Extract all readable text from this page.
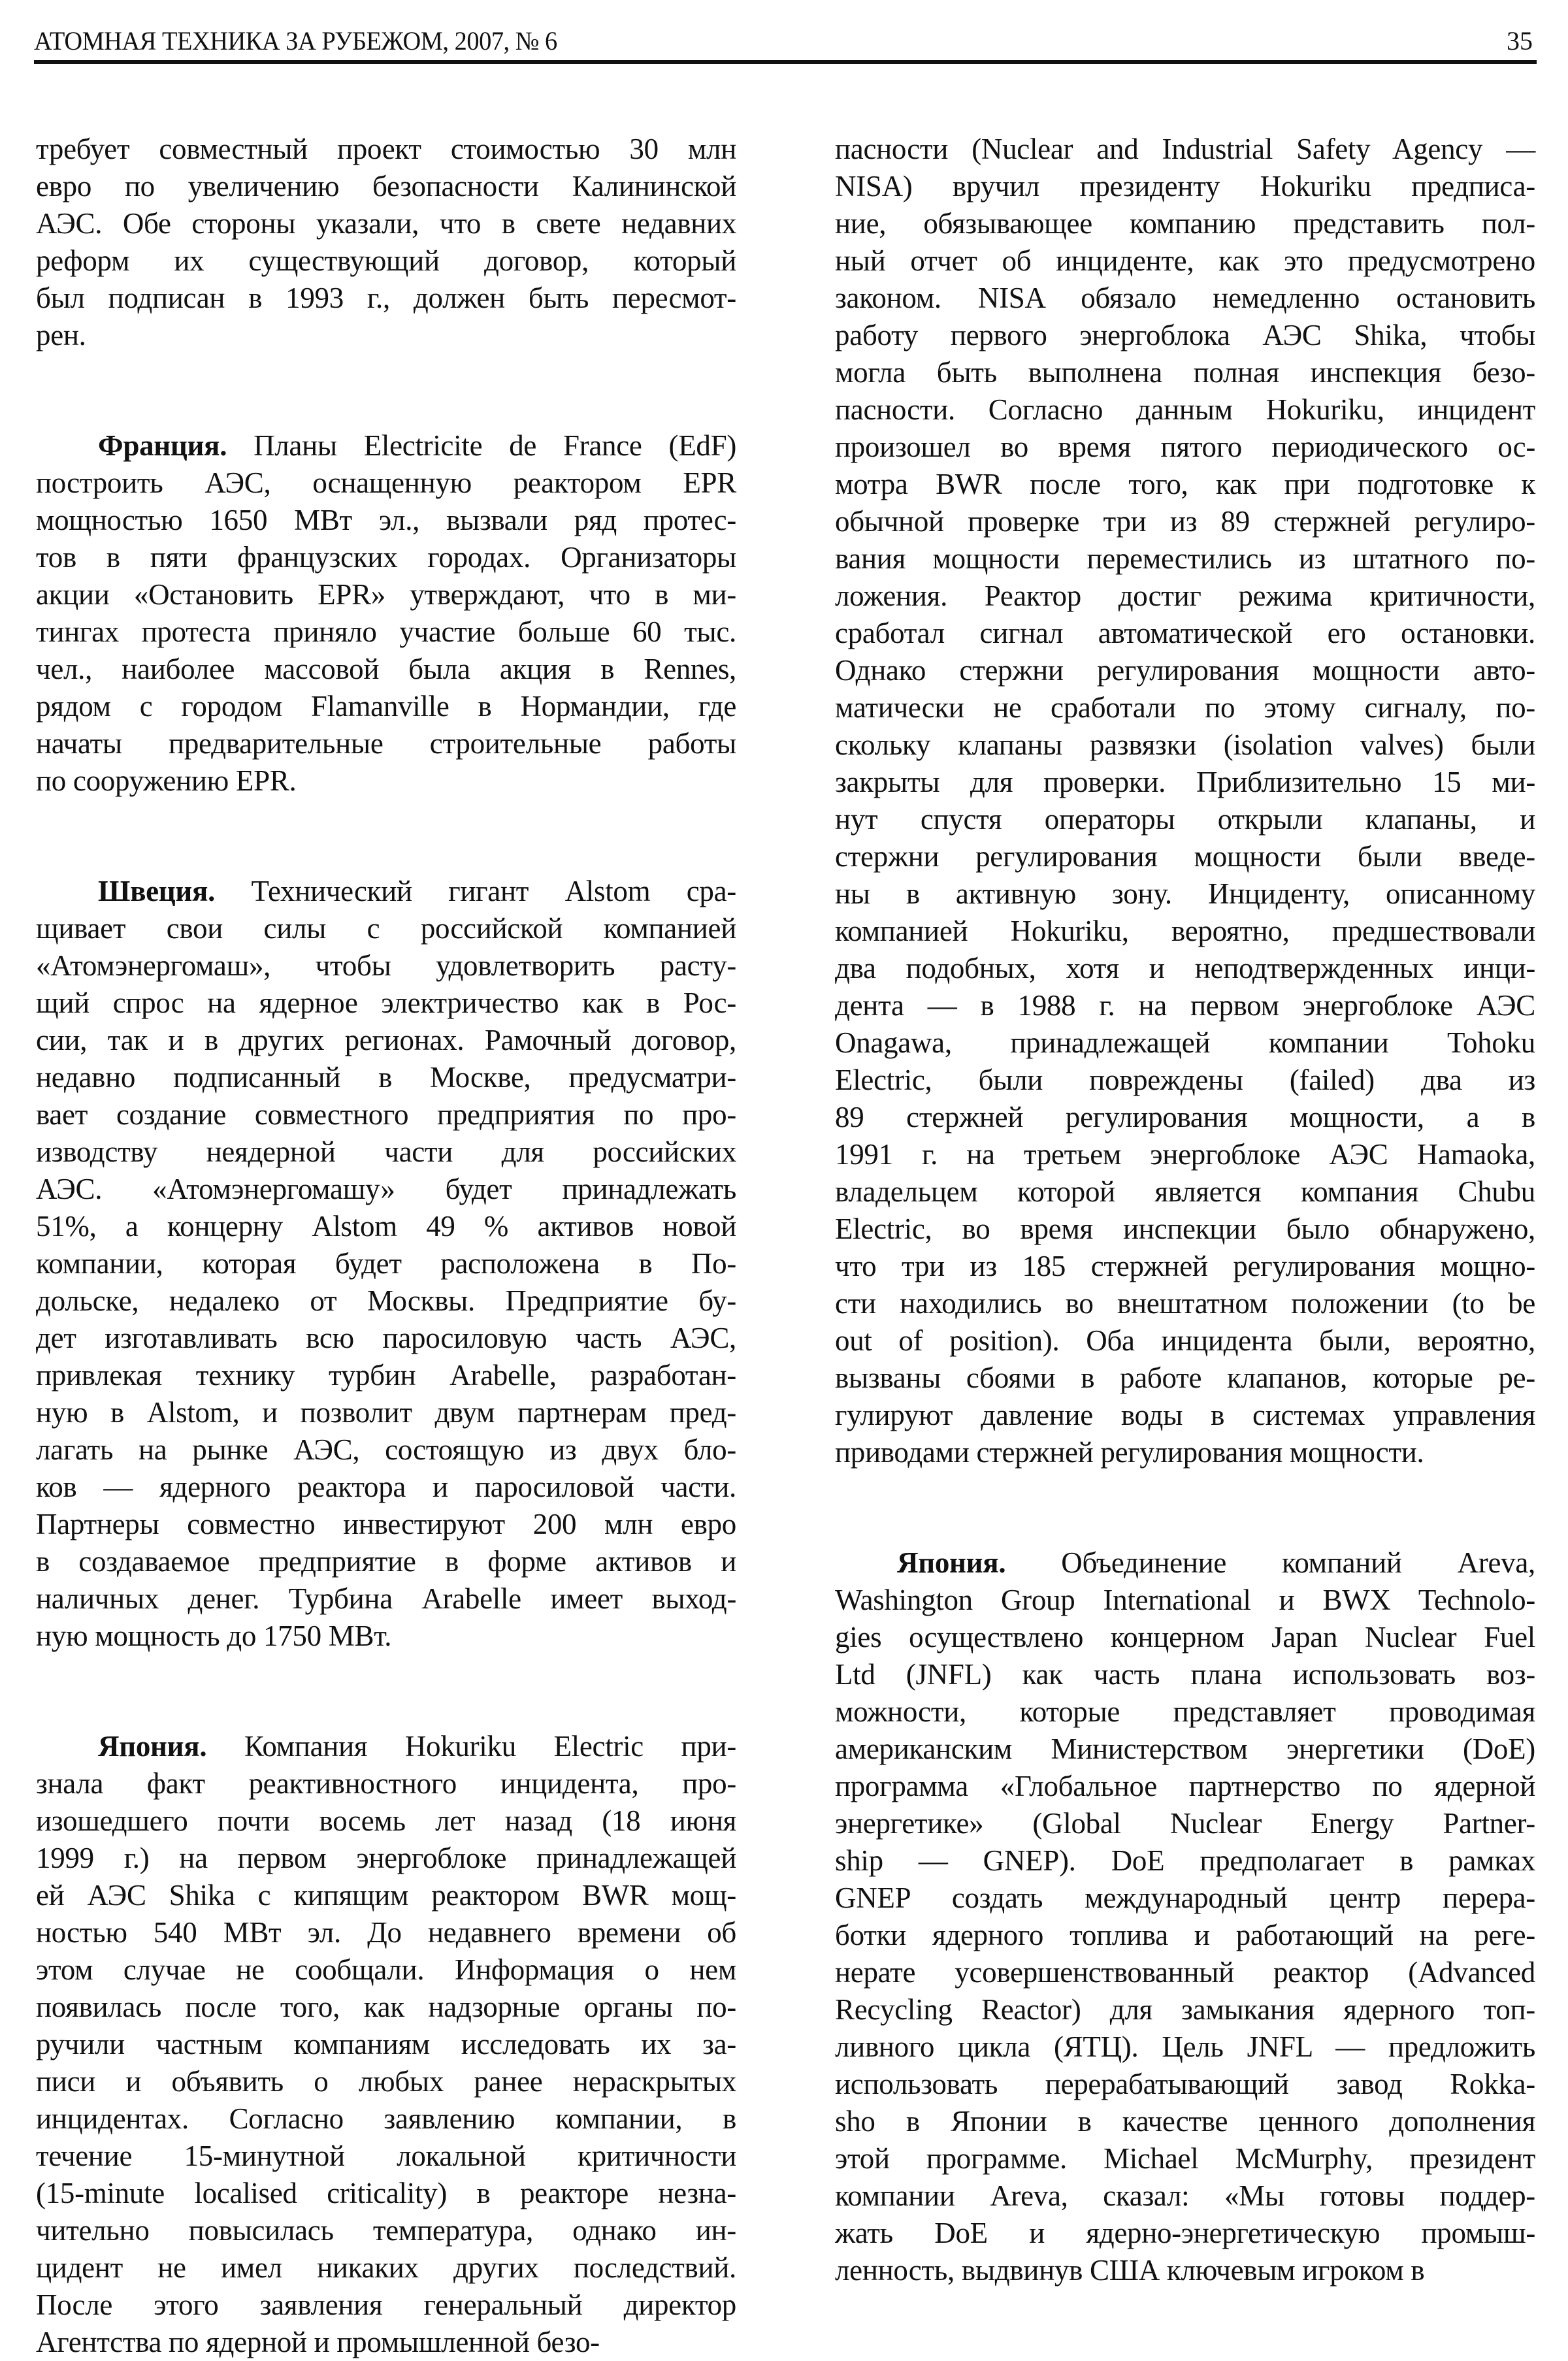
АТОМНАЯ ТЕХНИКА ЗА РУБЕЖОМ, 2007, № 6	35
требует совместный проект стоимостью 30 млн
евро по увеличению безопасности Калининской
АЭС. Обе стороны указали, что в свете недавних
реформ их существующий договор, который
был подписан в 1993 г., должен быть пересмот-
рен.
Франция. Планы Electricite de France (EdF)
построить АЭС, оснащенную реактором EPR
мощностью 1650 МВт эл., вызвали ряд протес-
тов в пяти французских городах. Организаторы
акции «Остановить EPR» утверждают, что в ми-
тингах протеста приняло участие больше 60 тыс.
чел., наиболее массовой была акция в Rennes,
рядом с городом Flamanville в Нормандии, где
начаты предварительные строительные работы
по сооружению EPR.
Швеция. Технический гигант Alstom сра-
щивает свои силы с российской компанией
«Атомэнергомаш», чтобы удовлетворить расту-
щий спрос на ядерное электричество как в Рос-
сии, так и в других регионах. Рамочный договор,
недавно подписанный в Москве, предусматри-
вает создание совместного предприятия по про-
изводству неядерной части для российских
АЭС. «Атомэнергомашу» будет принадлежать
51%, а концерну Alstom 49 % активов новой
компании, которая будет расположена в По-
дольске, недалеко от Москвы. Предприятие бу-
дет изготавливать всю паросиловую часть АЭС,
привлекая технику турбин Arabelle, разработан-
ную в Alstom, и позволит двум партнерам пред-
лагать на рынке АЭС, состоящую из двух бло-
ков — ядерного реактора и паросиловой части.
Партнеры совместно инвестируют 200 млн евро
в создаваемое предприятие в форме активов и
наличных денег. Турбина Arabelle имеет выход-
ную мощность до 1750 МВт.
Япония. Компания Hokuriku Electric при-
знала факт реактивностного инцидента, про-
изошедшего почти восемь лет назад (18 июня
1999 г.) на первом энергоблоке принадлежащей
ей АЭС Shika с кипящим реактором BWR мощ-
ностью 540 МВт эл. До недавнего времени об
этом случае не сообщали. Информация о нем
появилась после того, как надзорные органы по-
ручили частным компаниям исследовать их за-
писи и объявить о любых ранее нераскрытых
инцидентах. Согласно заявлению компании, в
течение 15-минутной локальной критичности
(15-minute localised criticality) в реакторе незна-
чительно повысилась температура, однако ин-
цидент не имел никаких других последствий.
После этого заявления генеральный директор
Агентства по ядерной и промышленной безо-
пасности (Nuclear and Industrial Safety Agency —
NISA) вручил президенту Hokuriku предписа-
ние, обязывающее компанию представить пол-
ный отчет об инциденте, как это предусмотрено
законом. NISA обязало немедленно остановить
работу первого энергоблока АЭС Shika, чтобы
могла быть выполнена полная инспекция безо-
пасности. Согласно данным Hokuriku, инцидент
произошел во время пятого периодического ос-
мотра BWR после того, как при подготовке к
обычной проверке три из 89 стержней регулиро-
вания мощности переместились из штатного по-
ложения. Реактор достиг режима критичности,
сработал сигнал автоматической его остановки.
Однако стержни регулирования мощности авто-
матически не сработали по этому сигналу, по-
скольку клапаны развязки (isolation valves) были
закрыты для проверки. Приблизительно 15 ми-
нут спустя операторы открыли клапаны, и
стержни регулирования мощности были введе-
ны в активную зону. Инциденту, описанному
компанией Hokuriku, вероятно, предшествовали
два подобных, хотя и неподтвержденных инци-
дента — в 1988 г. на первом энергоблоке АЭС
Onagawa, принадлежащей компании Tohoku
Electric, были повреждены (failed) два из
89 стержней регулирования мощности, а в
1991 г. на третьем энергоблоке АЭС Hamaoka,
владельцем которой является компания Chubu
Electric, во время инспекции было обнаружено,
что три из 185 стержней регулирования мощно-
сти находились во внештатном положении (to be
out of position). Оба инцидента были, вероятно,
вызваны сбоями в работе клапанов, которые ре-
гулируют давление воды в системах управления
приводами стержней регулирования мощности.
Япония. Объединение компаний Areva,
Washington Group International и BWX Technolo-
gies осуществлено концерном Japan Nuclear Fuel
Ltd (JNFL) как часть плана использовать воз-
можности, которые представляет проводимая
американским Министерством энергетики (DoE)
программа «Глобальное партнерство по ядерной
энергетике» (Global Nuclear Energy Partner-
ship — GNEP). DoE предполагает в рамках
GNEP создать международный центр перера-
ботки ядерного топлива и работающий на реге-
нерате усовершенствованный реактор (Advanced
Recycling Reactor) для замыкания ядерного топ-
ливного цикла (ЯТЦ). Цель JNFL — предложить
использовать перерабатывающий завод Rokka-
sho в Японии в качестве ценного дополнения
этой программе. Michael McMurphy, президент
компании Areva, сказал: «Мы готовы поддер-
жать DoE и ядерно-энергетическую промыш-
ленность, выдвинув США ключевым игроком в
